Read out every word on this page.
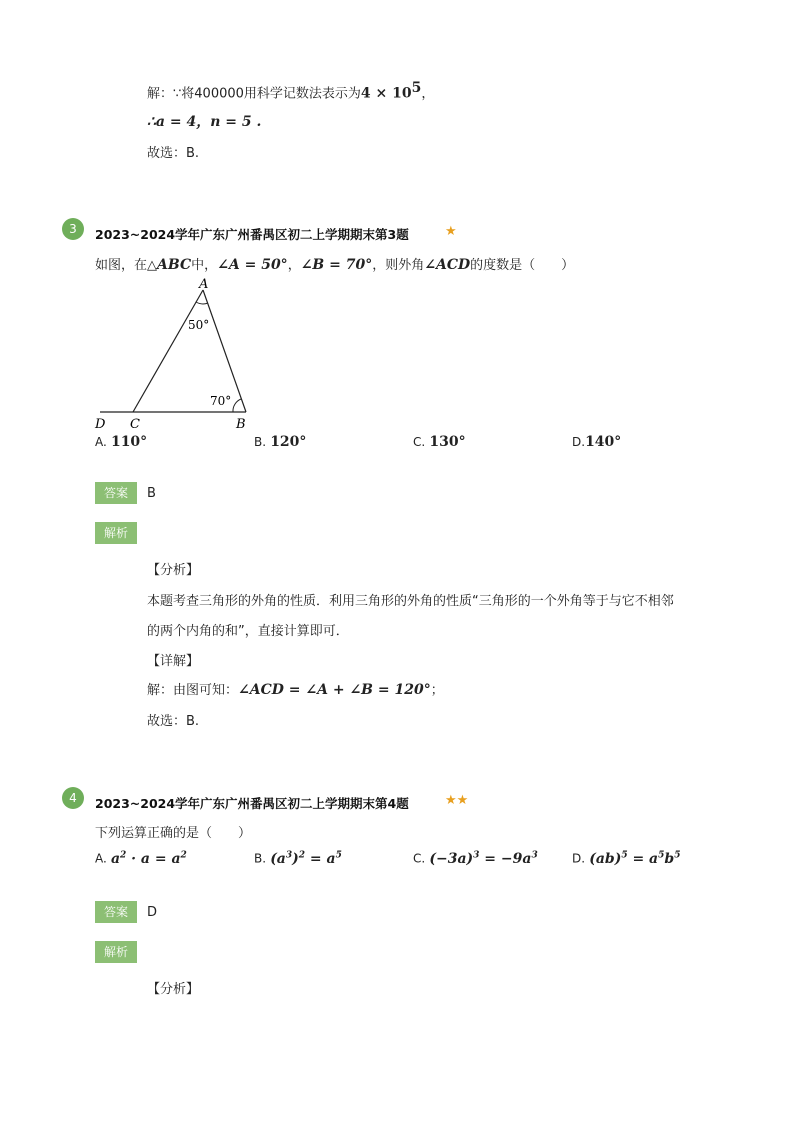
解：∵将400000用科学记数法表示为$4 \times 10^5$，
∴a = 4，n = 5 .
故选：B.
3	2023~2024学年广东广州番禺区初二上学期期末第3题	★
如图，在△ABC中，∠A = 50°，∠B = 70°，则外角∠ACD的度数是（　　）
A
50°
70°
D C	B
A. 110°	B. 120°	C. 130°	D.140°
答案	B
解析
【分析】
本题考查三角形的外角的性质．利用三角形的外角的性质“三角形的一个外角等于与它不相邻
的两个内角的和”，直接计算即可．
【详解】
解：由图可知：∠ACD = ∠A + ∠B = 120°；
故选：B.
4	2023~2024学年广东广州番禺区初二上学期期末第4题	★★
下列运算正确的是（　　）
A. $a^2 \cdot a = a^2$	B. $(a^3)^2 = a^5$	C. $(-3a)^3 = -9a^3$	D. $(ab)^5 = a^5b^5$
答案	D
解析
【分析】
